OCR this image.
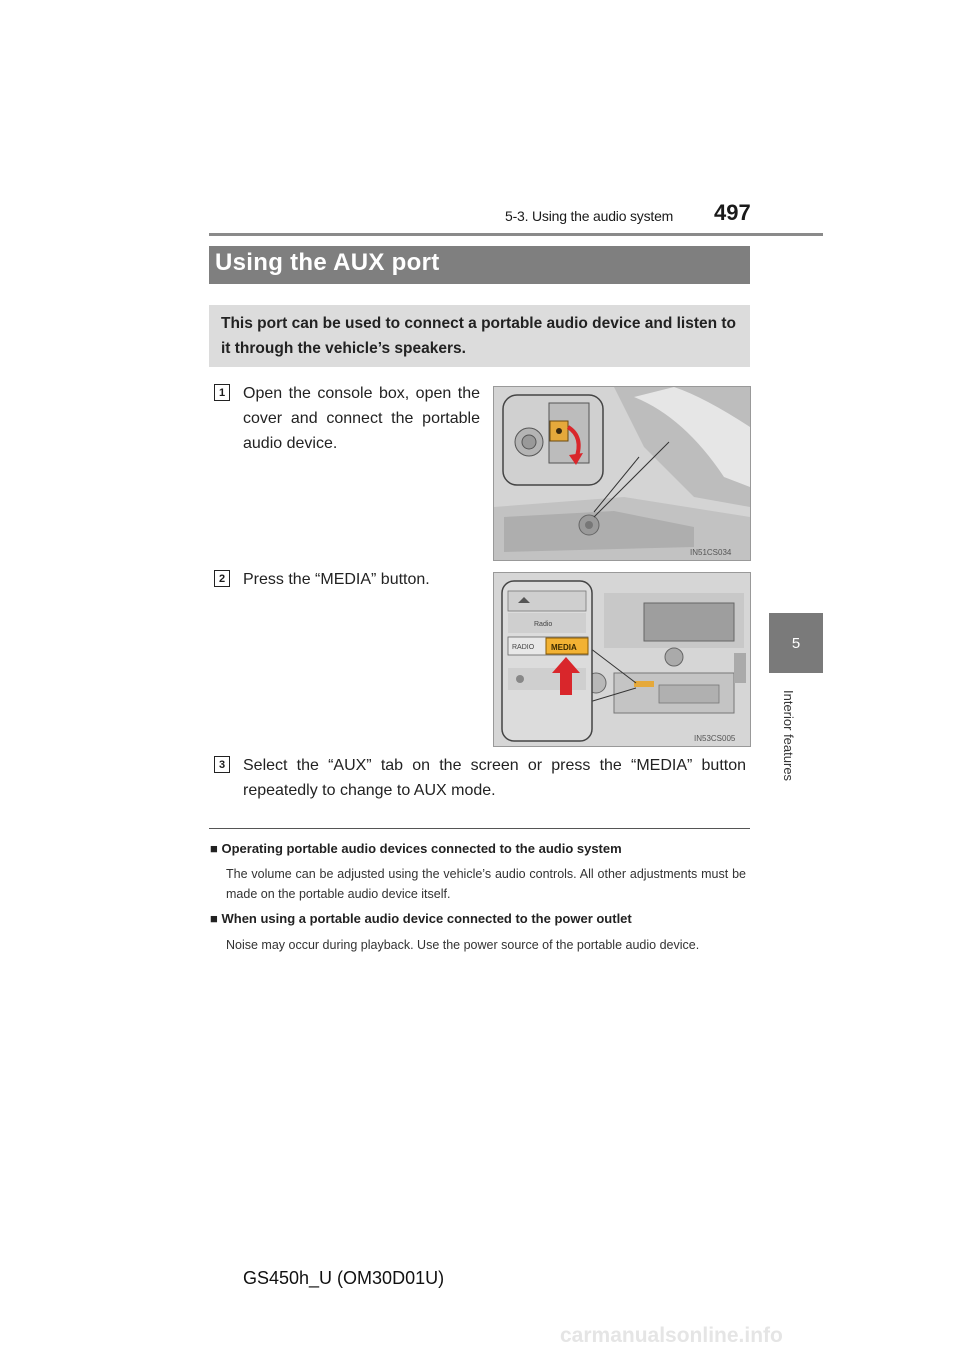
5-3. Using the audio system 497
5
Interior features
Using the AUX port
This port can be used to connect a portable audio device and listen to it through the vehicle’s speakers.
1	Open the console box, open the cover and connect the portable audio device.
IN51CS034
2	Press the “MEDIA” button.
Radio
RADIO MEDIA
IN53CS005
3	Select the “AUX” tab on the screen or press the “MEDIA” button repeatedly to change to AUX mode.
■ Operating portable audio devices connected to the audio system
The volume can be adjusted using the vehicle’s audio controls. All other adjustments must be made on the portable audio device itself.
■ When using a portable audio device connected to the power outlet
Noise may occur during playback. Use the power source of the portable audio device.
GS450h_U (OM30D01U)
carmanualsonline.info
